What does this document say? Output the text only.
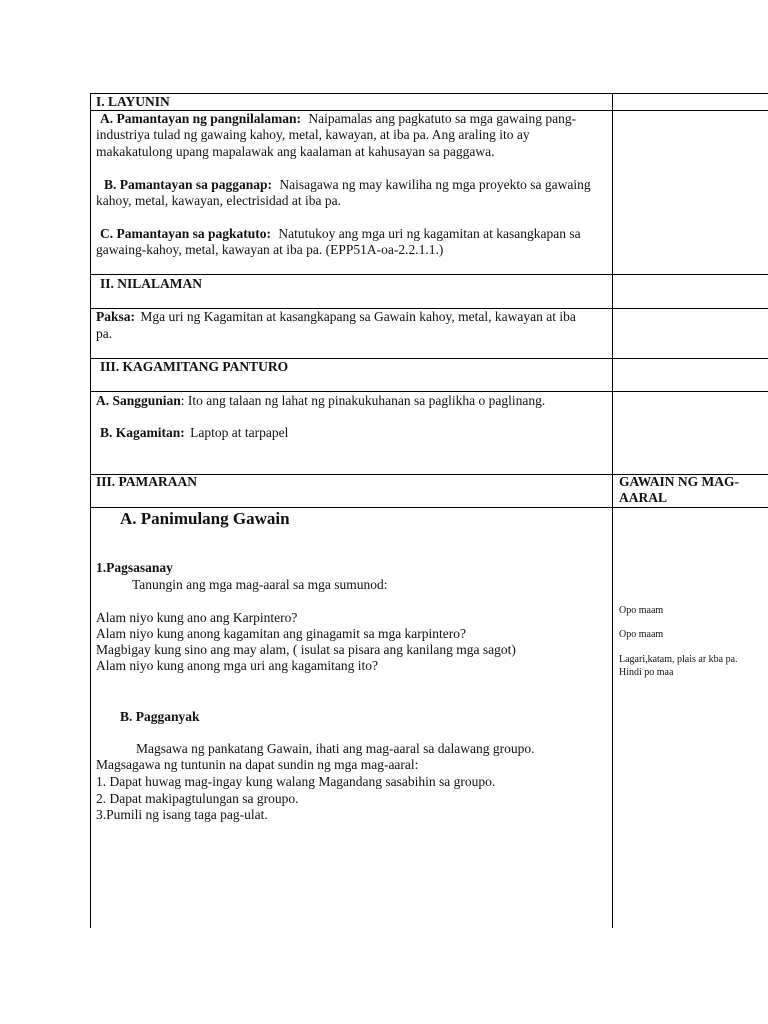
I. LAYUNIN
A. Pamantayan ng pangnilalaman: Naipamalas ang pagkatuto sa mga gawaing pang-
industriya tulad ng gawaing kahoy, metal, kawayan, at iba pa. Ang araling ito ay
makakatulong upang mapalawak ang kaalaman at kahusayan sa paggawa.
B. Pamantayan sa pagganap: Naisagawa ng may kawiliha ng mga proyekto sa gawaing
kahoy, metal, kawayan, electrisidad at iba pa.
C. Pamantayan sa pagkatuto: Natutukoy ang mga uri ng kagamitan at kasangkapan sa
gawaing-kahoy, metal, kawayan at iba pa. (EPP51A-oa-2.2.1.1.)
II. NILALAMAN
Paksa: Mga uri ng Kagamitan at kasangkapang sa Gawain kahoy, metal, kawayan at iba
pa.
III. KAGAMITANG PANTURO
A. Sanggunian: Ito ang talaan ng lahat ng pinakukuhanan sa paglikha o paglinang.
B. Kagamitan: Laptop at tarpapel
III. PAMARAAN	GAWAIN NG MAG-
AARAL
A. Panimulang Gawain
1.Pagsasanay
Tanungin ang mga mag-aaral sa mga sumunod:
Alam niyo kung ano ang Karpintero?
Alam niyo kung anong kagamitan ang ginagamit sa mga karpintero?
Magbigay kung sino ang may alam, ( isulat sa pisara ang kanilang mga sagot)
Alam niyo kung anong mga uri ang kagamitang ito?
Opo maam
Opo maam
Lagari,katam, plais ar kba pa.
Hindi po maa
B. Pagganyak
Magsawa ng pankatang Gawain, ihati ang mag-aaral sa dalawang groupo.
Magsagawa ng tuntunin na dapat sundin ng mga mag-aaral:
1. Dapat huwag mag-ingay kung walang Magandang sasabihin sa groupo.
2. Dapat makipagtulungan sa groupo.
3.Pumili ng isang taga pag-ulat.
